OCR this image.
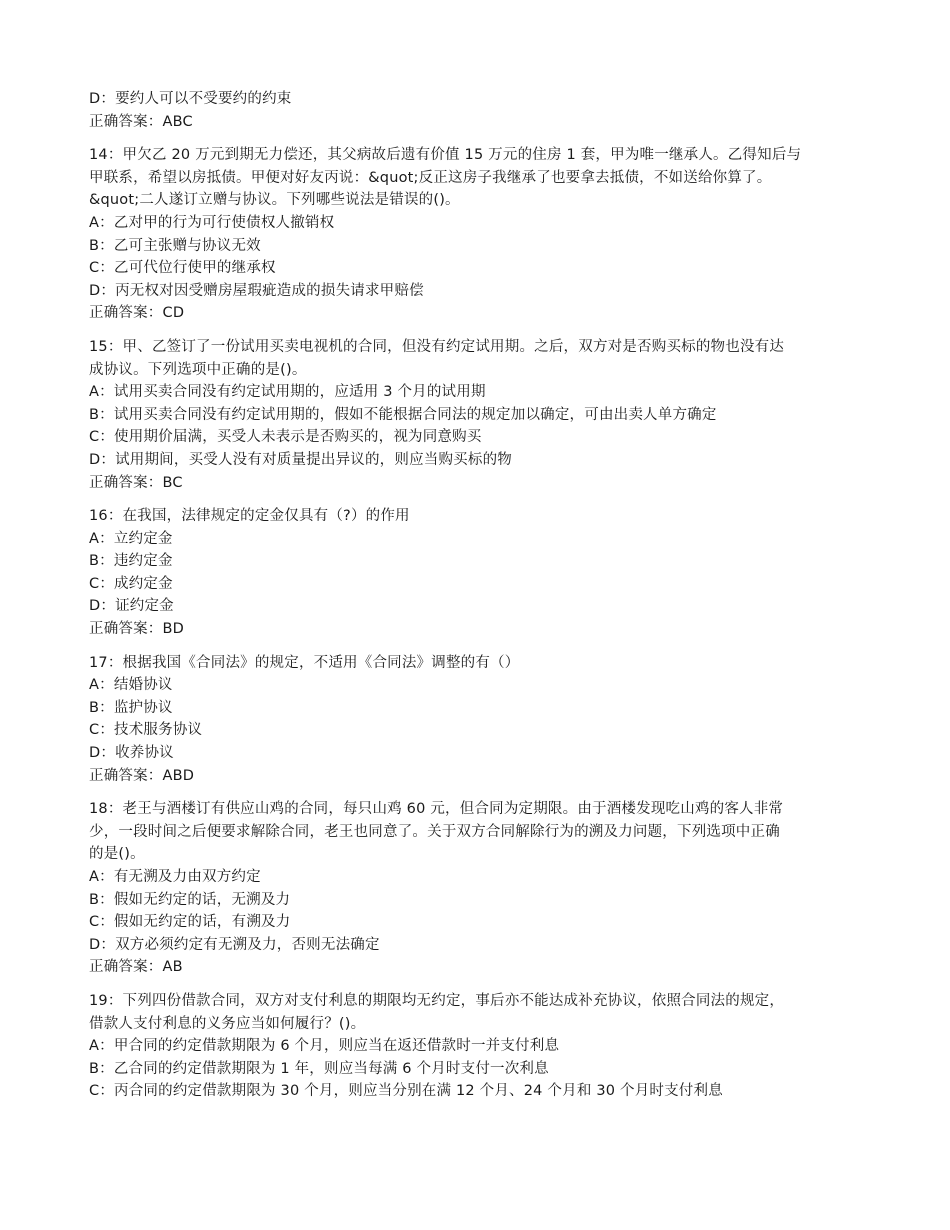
D：要约人可以不受要约的约束
正确答案：ABC
14：甲欠乙 20 万元到期无力偿还，其父病故后遗有价值 15 万元的住房 1 套，甲为唯一继承人。乙得知后与
甲联系，希望以房抵债。甲便对好友丙说：&quot;反正这房子我继承了也要拿去抵债，不如送给你算了。
&quot;二人遂订立赠与协议。下列哪些说法是错误的()。
A：乙对甲的行为可行使债权人撤销权
B：乙可主张赠与协议无效
C：乙可代位行使甲的继承权
D：丙无权对因受赠房屋瑕疵造成的损失请求甲赔偿
正确答案：CD
15：甲、乙签订了一份试用买卖电视机的合同，但没有约定试用期。之后，双方对是否购买标的物也没有达
成协议。下列选项中正确的是()。
A：试用买卖合同没有约定试用期的，应适用 3 个月的试用期
B：试用买卖合同没有约定试用期的，假如不能根据合同法的规定加以确定，可由出卖人单方确定
C：使用期价届满，买受人未表示是否购买的，视为同意购买
D：试用期间，买受人没有对质量提出异议的，则应当购买标的物
正确答案：BC
16：在我国，法律规定的定金仅具有（?）的作用
A：立约定金
B：违约定金
C：成约定金
D：证约定金
正确答案：BD
17：根据我国《合同法》的规定，不适用《合同法》调整的有（）
A：结婚协议
B：监护协议
C：技术服务协议
D：收养协议
正确答案：ABD
18：老王与酒楼订有供应山鸡的合同，每只山鸡 60 元，但合同为定期限。由于酒楼发现吃山鸡的客人非常
少，一段时间之后便要求解除合同，老王也同意了。关于双方合同解除行为的溯及力问题，下列选项中正确
的是()。
A：有无溯及力由双方约定
B：假如无约定的话，无溯及力
C：假如无约定的话，有溯及力
D：双方必须约定有无溯及力，否则无法确定
正确答案：AB
19：下列四份借款合同，双方对支付利息的期限均无约定，事后亦不能达成补充协议，依照合同法的规定，
借款人支付利息的义务应当如何履行？()。
A：甲合同的约定借款期限为 6 个月，则应当在返还借款时一并支付利息
B：乙合同的约定借款期限为 1 年，则应当每满 6 个月时支付一次利息
C：丙合同的约定借款期限为 30 个月，则应当分别在满 12 个月、24 个月和 30 个月时支付利息
